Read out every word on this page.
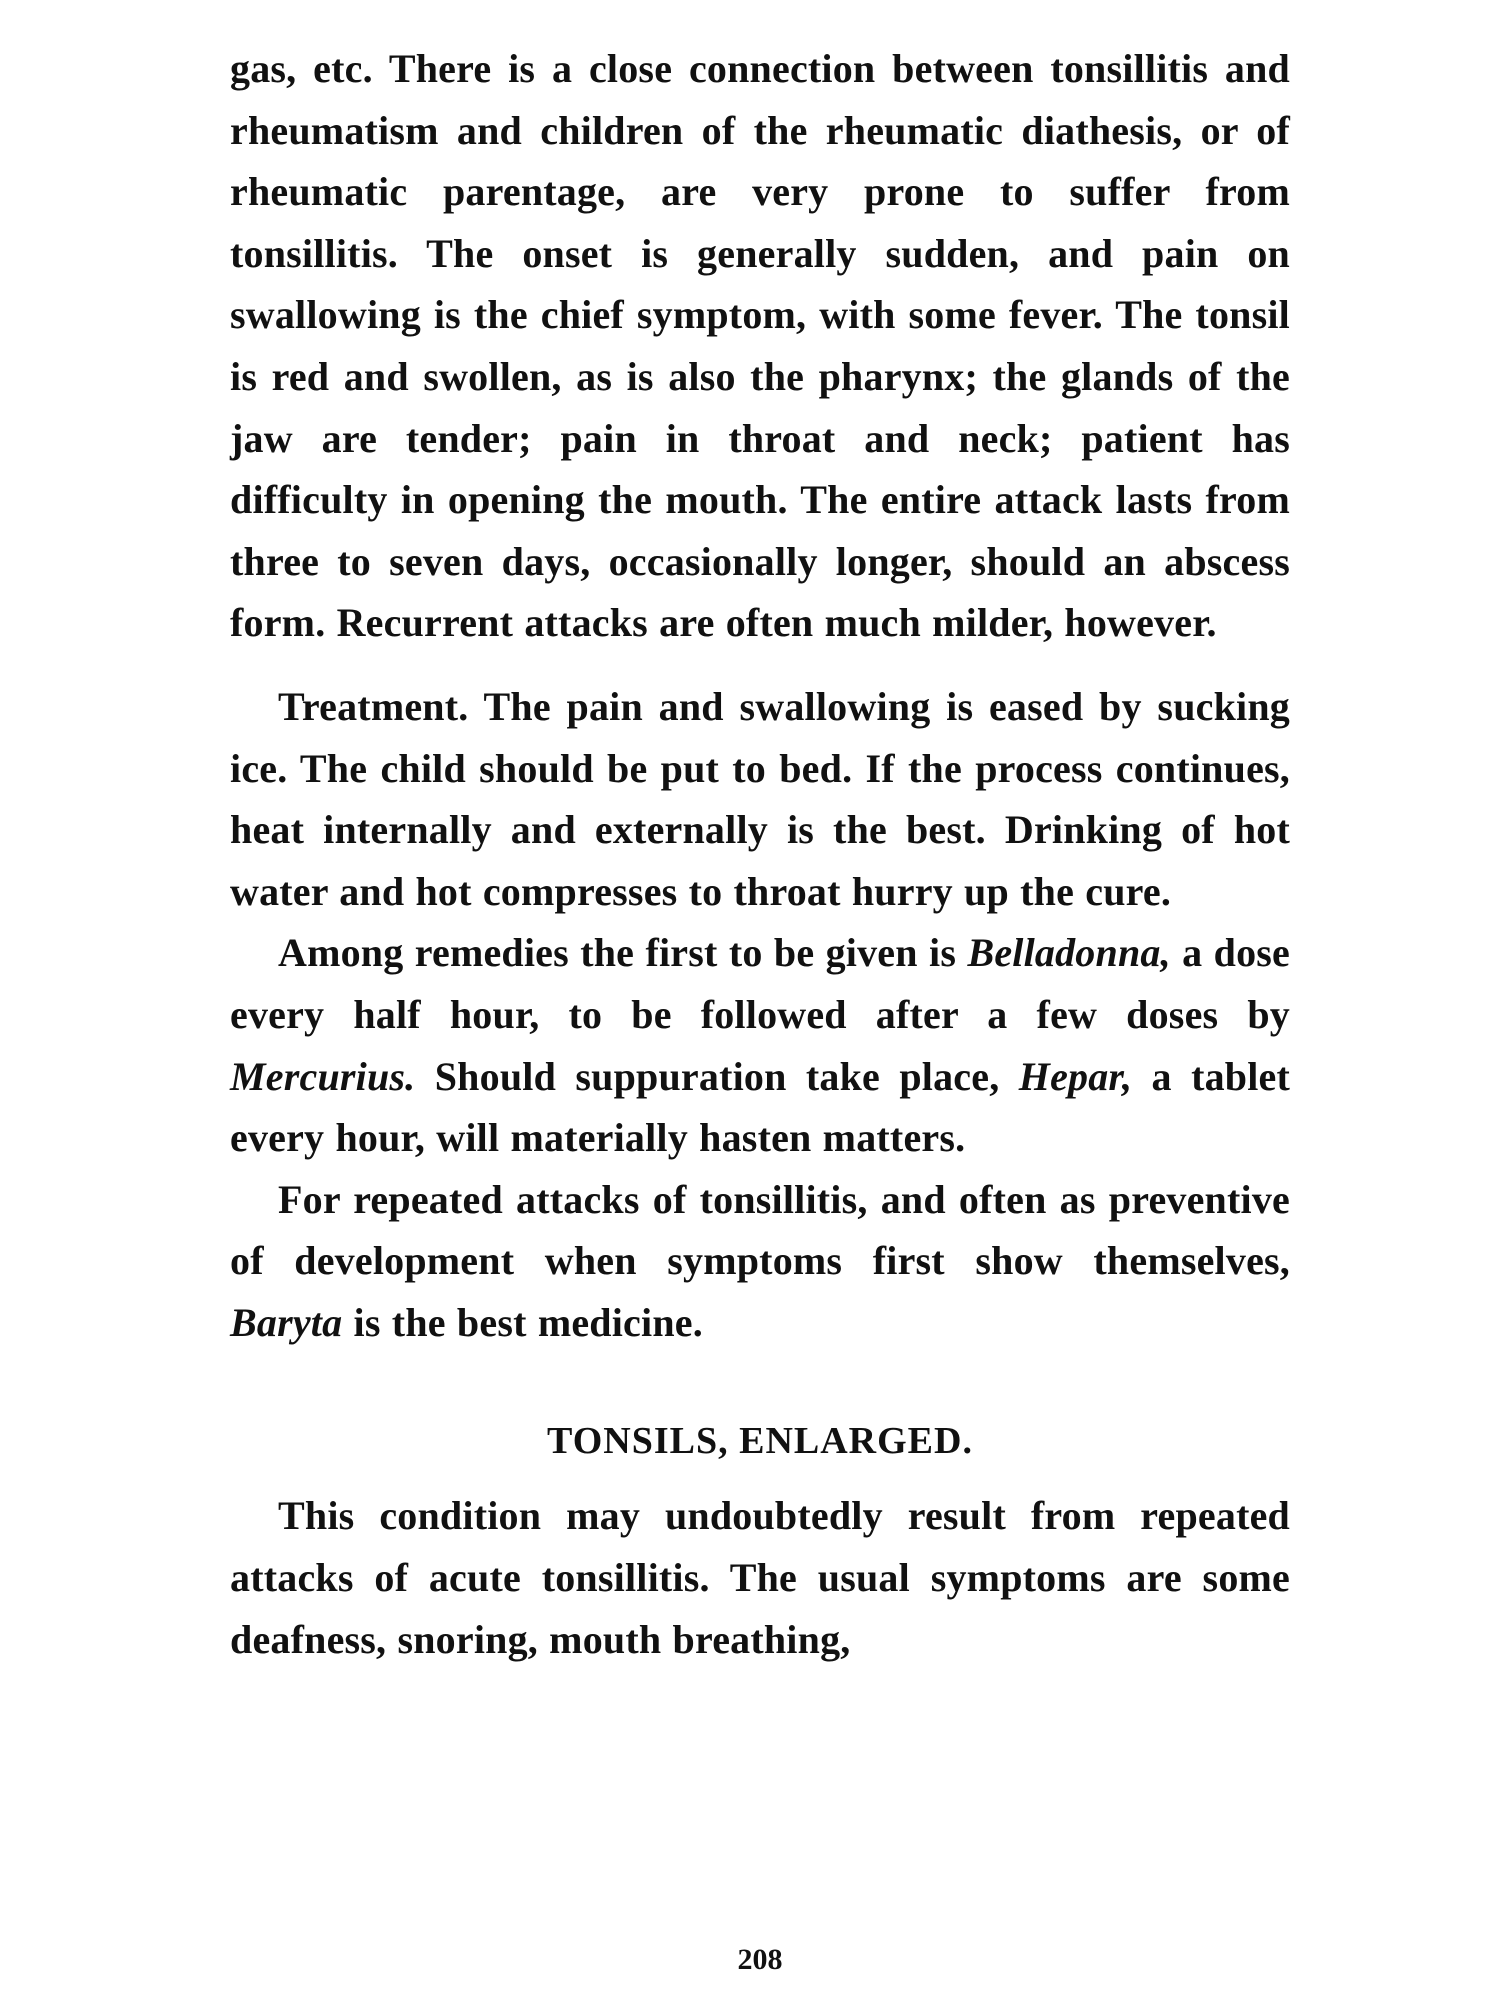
gas, etc. There is a close connection between tonsillitis and rheumatism and children of the rheumatic diathesis, or of rheumatic parentage, are very prone to suffer from tonsillitis. The onset is generally sudden, and pain on swallowing is the chief symptom, with some fever. The tonsil is red and swollen, as is also the pharynx; the glands of the jaw are tender; pain in throat and neck; patient has difficulty in opening the mouth. The entire attack lasts from three to seven days, occasionally longer, should an abscess form. Recurrent attacks are often much milder, however.

Treatment. The pain and swallowing is eased by sucking ice. The child should be put to bed. If the process continues, heat internally and externally is the best. Drinking of hot water and hot compresses to throat hurry up the cure.

Among remedies the first to be given is Belladonna, a dose every half hour, to be followed after a few doses by Mercurius. Should suppuration take place, Hepar, a tablet every hour, will materially hasten matters.

For repeated attacks of tonsillitis, and often as preventive of development when symptoms first show themselves, Baryta is the best medicine.

TONSILS, ENLARGED.

This condition may undoubtedly result from repeated attacks of acute tonsillitis. The usual symptoms are some deafness, snoring, mouth breathing,

208
